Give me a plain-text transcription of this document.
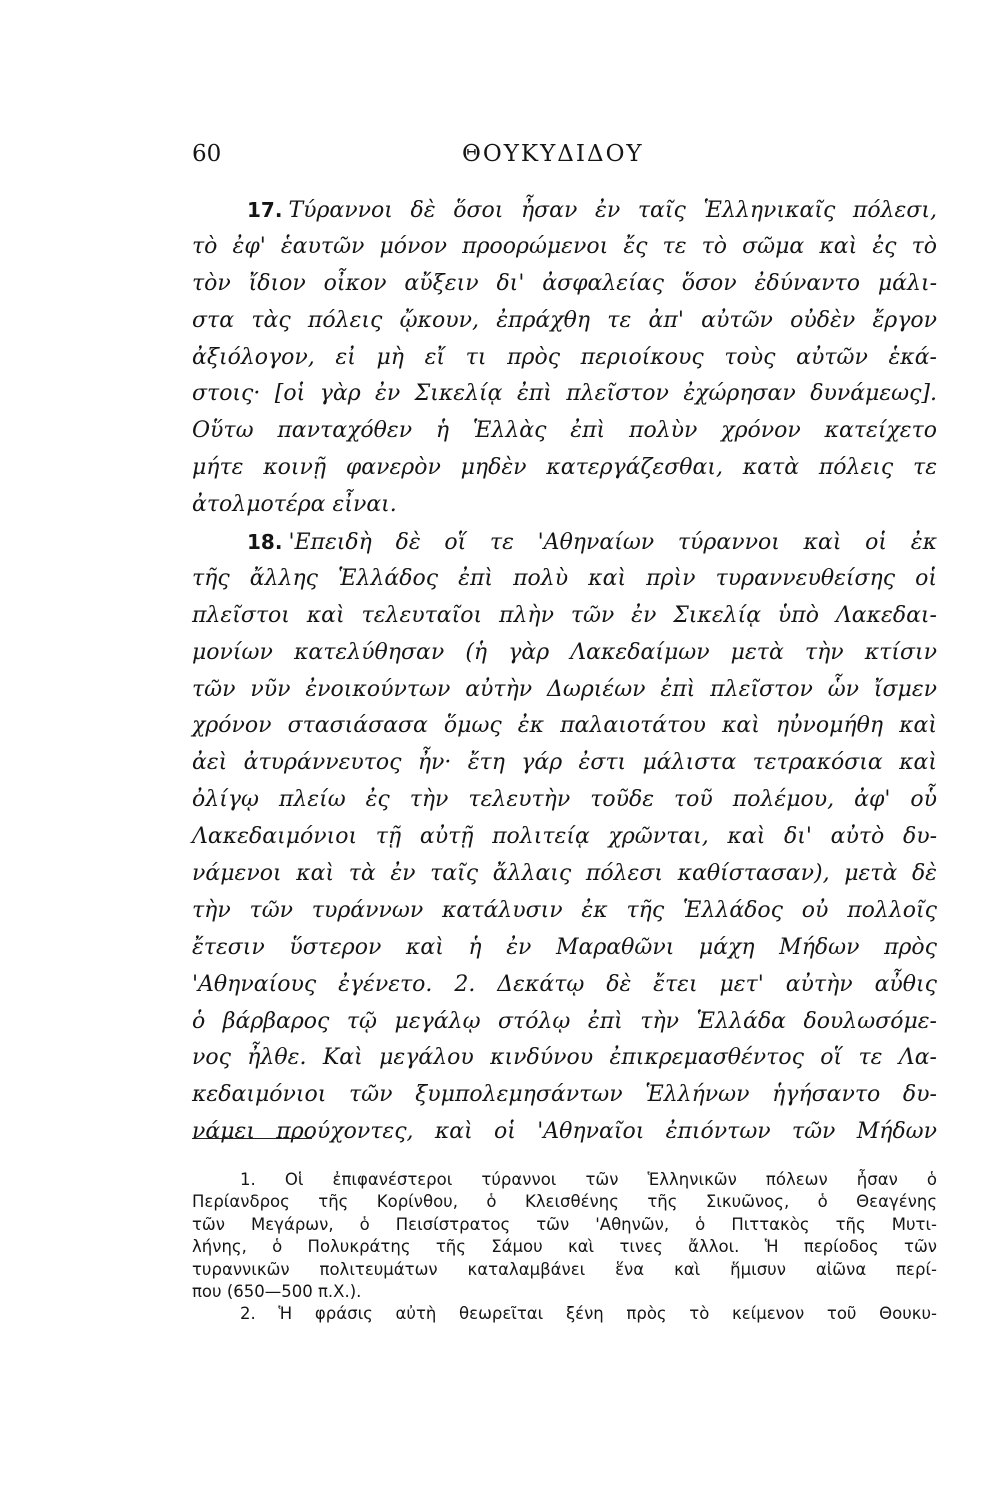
60	ΘΟΥΚΥΔΙΔΟΥ
17. Τύραννοι δὲ ὅσοι ἦσαν ἐν ταῖς Ἑλληνικαῖς πόλεσι,
τὸ ἐφ' ἑαυτῶν μόνον προορώμενοι ἔς τε τὸ σῶμα καὶ ἐς τὸ
τὸν ἴδιον οἶκον αὔξειν δι' ἀσφαλείας ὅσον ἐδύναντο μάλι-
στα τὰς πόλεις ᾤκουν, ἐπράχθη τε ἀπ' αὐτῶν οὐδὲν ἔργον
ἀξιόλογον, εἰ μὴ εἴ τι πρὸς περιοίκους τοὺς αὐτῶν ἑκά-
στοις· [οἱ γὰρ ἐν Σικελίᾳ ἐπὶ πλεῖστον ἐχώρησαν δυνάμεως].
Οὕτω πανταχόθεν ἡ Ἑλλὰς ἐπὶ πολὺν χρόνον κατείχετο
μήτε κοινῇ φανερὸν μηδὲν κατεργάζεσθαι, κατὰ πόλεις τε
ἀτολμοτέρα εἶναι.
18. 'Επειδὴ δὲ οἵ τε 'Αθηναίων τύραννοι καὶ οἱ ἐκ
τῆς ἄλλης Ἑλλάδος ἐπὶ πολὺ καὶ πρὶν τυραννευθείσης οἱ
πλεῖστοι καὶ τελευταῖοι πλὴν τῶν ἐν Σικελίᾳ ὑπὸ Λακεδαι-
μονίων κατελύθησαν (ἡ γὰρ Λακεδαίμων μετὰ τὴν κτίσιν
τῶν νῦν ἐνοικούντων αὐτὴν Δωριέων ἐπὶ πλεῖστον ὧν ἴσμεν
χρόνον στασιάσασα ὅμως ἐκ παλαιοτάτου καὶ ηὐνομήθη καὶ
ἀεὶ ἀτυράννευτος ἦν· ἔτη γάρ ἐστι μάλιστα τετρακόσια καὶ
ὀλίγῳ πλείω ἐς τὴν τελευτὴν τοῦδε τοῦ πολέμου, ἀφ' οὗ
Λακεδαιμόνιοι τῇ αὐτῇ πολιτείᾳ χρῶνται, καὶ δι' αὐτὸ δυ-
νάμενοι καὶ τὰ ἐν ταῖς ἄλλαις πόλεσι καθίστασαν), μετὰ δὲ
τὴν τῶν τυράννων κατάλυσιν ἐκ τῆς Ἑλλάδος οὐ πολλοῖς
ἔτεσιν ὕστερον καὶ ἡ ἐν Μαραθῶνι μάχη Μήδων πρὸς
'Αθηναίους ἐγένετο. 2. Δεκάτῳ δὲ ἔτει μετ' αὐτὴν αὖθις
ὁ βάρβαρος τῷ μεγάλῳ στόλῳ ἐπὶ τὴν Ἑλλάδα δουλωσόμε-
νος ἦλθε. Καὶ μεγάλου κινδύνου ἐπικρεμασθέντος οἵ τε Λα-
κεδαιμόνιοι τῶν ξυμπολεμησάντων Ἑλλήνων ἡγήσαντο δυ-
νάμει προύχοντες, καὶ οἱ 'Αθηναῖοι ἐπιόντων τῶν Μήδων
1. Οἱ ἐπιφανέστεροι τύραννοι τῶν Ἑλληνικῶν πόλεων ἦσαν ὁ
Περίανδρος τῆς Κορίνθου, ὁ Κλεισθένης τῆς Σικυῶνος, ὁ Θεαγένης
τῶν Μεγάρων, ὁ Πεισίστρατος τῶν 'Αθηνῶν, ὁ Πιττακὸς τῆς Μυτι-
λήνης, ὁ Πολυκράτης τῆς Σάμου καὶ τινες ἄλλοι. Ἡ περίοδος τῶν
τυραννικῶν πολιτευμάτων καταλαμβάνει ἕνα καὶ ἥμισυν αἰῶνα περί-
που (650—500 π.Χ.).
2. Ἡ φράσις αὐτὴ θεωρεῖται ξένη πρὸς τὸ κείμενον τοῦ Θουκυ-
